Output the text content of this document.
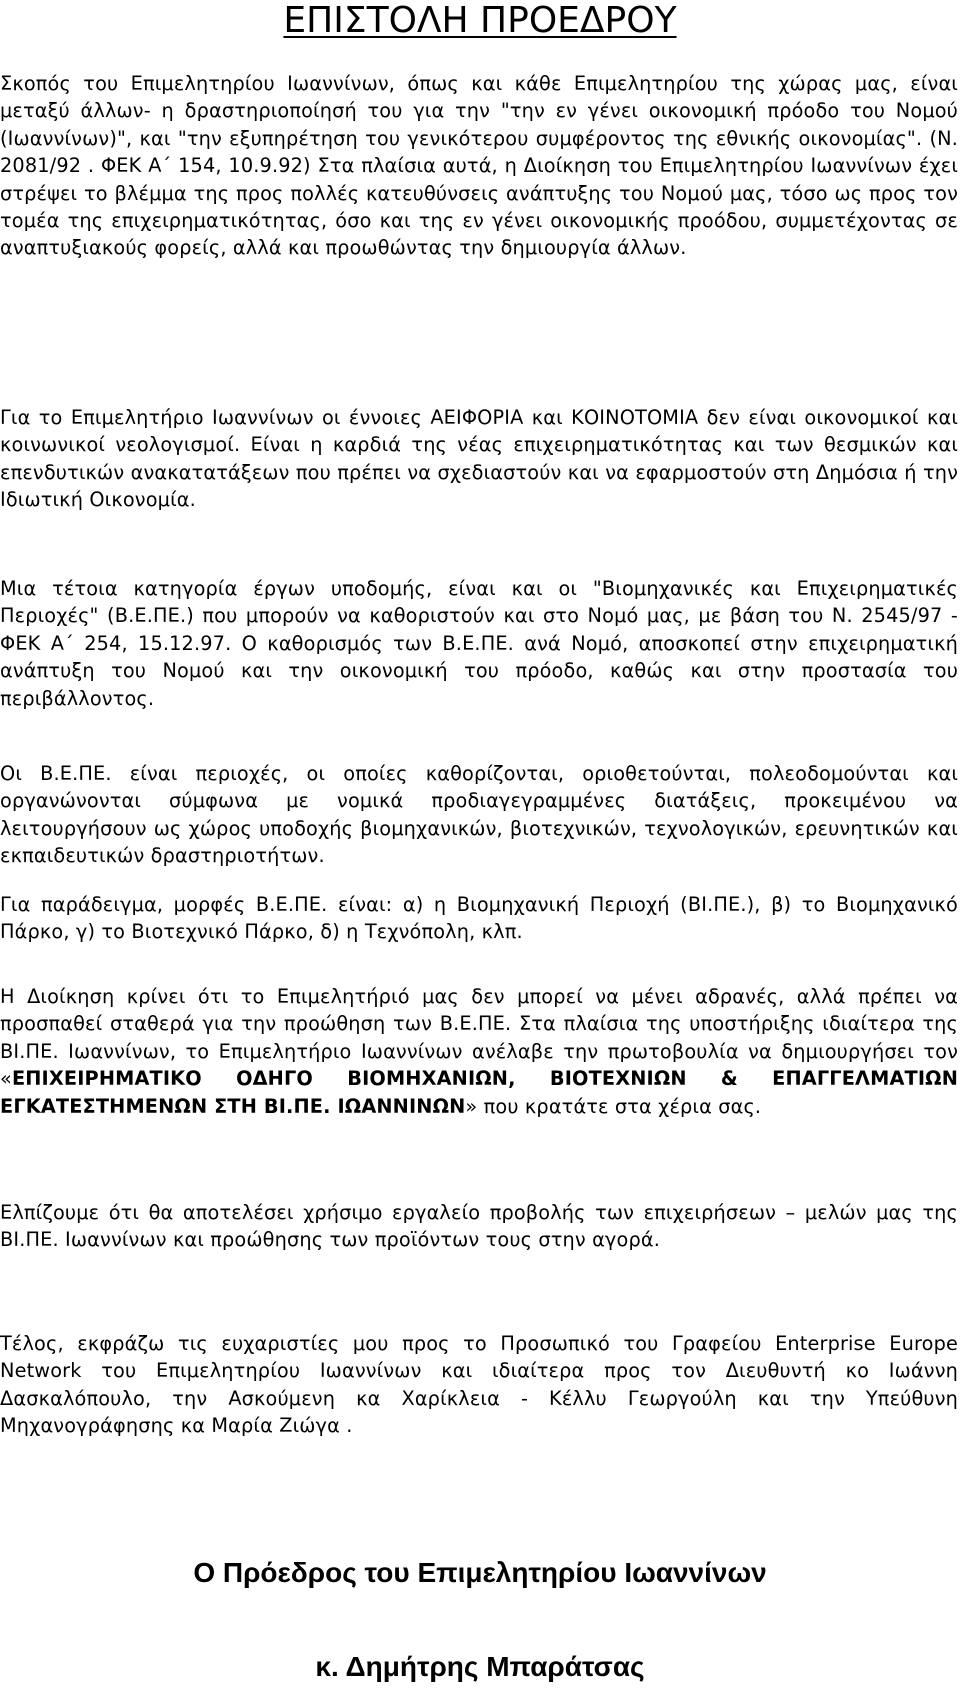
ΕΠΙΣΤΟΛΗ ΠΡΟΕΔΡΟΥ

Σκοπός του Επιμελητηρίου Ιωαννίνων, όπως και κάθε Επιμελητηρίου της χώρας μας, είναι μεταξύ άλλων- η δραστηριοποίησή του για την "την εν γένει οικονομική πρόοδο του Νομού (Ιωαννίνων)", και "την εξυπηρέτηση του γενικότερου συμφέροντος της εθνικής οικονομίας". (Ν. 2081/92 . ΦΕΚ Α΄ 154, 10.9.92) Στα πλαίσια αυτά, η Διοίκηση του Επιμελητηρίου Ιωαννίνων έχει στρέψει το βλέμμα της προς πολλές κατευθύνσεις ανάπτυξης του Νομού μας, τόσο ως προς τον τομέα της επιχειρηματικότητας, όσο και της εν γένει οικονομικής προόδου, συμμετέχοντας σε αναπτυξιακούς φορείς, αλλά και προωθώντας την δημιουργία άλλων.

Για το Επιμελητήριο Ιωαννίνων οι έννοιες ΑΕΙΦΟΡΙΑ και ΚΟΙΝΟΤΟΜΙΑ δεν είναι οικονομικοί και κοινωνικοί νεολογισμοί. Είναι η καρδιά της νέας επιχειρηματικότητας και των θεσμικών και επενδυτικών ανακατατάξεων που πρέπει να σχεδιαστούν και να εφαρμοστούν στη Δημόσια ή την Ιδιωτική Οικονομία.

Μια τέτοια κατηγορία έργων υποδομής, είναι και οι "Βιομηχανικές και Επιχειρηματικές Περιοχές" (Β.Ε.ΠΕ.) που μπορούν να καθοριστούν και στο Νομό μας, με βάση του Ν. 2545/97 - ΦΕΚ Α΄ 254, 15.12.97. Ο καθορισμός των Β.Ε.ΠΕ. ανά Νομό, αποσκοπεί στην επιχειρηματική ανάπτυξη του Νομού και την οικονομική του πρόοδο, καθώς και στην προστασία του περιβάλλοντος.

Οι Β.Ε.ΠΕ. είναι περιοχές, οι οποίες καθορίζονται, οριοθετούνται, πολεοδομούνται και οργανώνονται σύμφωνα με νομικά προδιαγεγραμμένες διατάξεις, προκειμένου να λειτουργήσουν ως χώρος υποδοχής βιομηχανικών, βιοτεχνικών, τεχνολογικών, ερευνητικών και εκπαιδευτικών δραστηριοτήτων.

Για παράδειγμα, μορφές Β.Ε.ΠΕ. είναι: α) η Βιομηχανική Περιοχή (ΒΙ.ΠΕ.), β) το Βιομηχανικό Πάρκο, γ) το Βιοτεχνικό Πάρκο, δ) η Τεχνόπολη, κλπ.

Η Διοίκηση κρίνει ότι το Επιμελητήριό μας δεν μπορεί να μένει αδρανές, αλλά πρέπει να προσπαθεί σταθερά για την προώθηση των Β.Ε.ΠΕ. Στα πλαίσια της υποστήριξης ιδιαίτερα της ΒΙ.ΠΕ. Ιωαννίνων, το Επιμελητήριο Ιωαννίνων ανέλαβε την πρωτοβουλία να δημιουργήσει τον «ΕΠΙΧΕΙΡΗΜΑΤΙΚΟ ΟΔΗΓΟ ΒΙΟΜΗΧΑΝΙΩΝ, ΒΙΟΤΕΧΝΙΩΝ & ΕΠΑΓΓΕΛΜΑΤΙΩΝ ΕΓΚΑΤΕΣΤΗΜΕΝΩΝ ΣΤΗ ΒΙ.ΠΕ. ΙΩΑΝΝΙΝΩΝ» που κρατάτε στα χέρια σας.

Ελπίζουμε ότι θα αποτελέσει χρήσιμο εργαλείο προβολής των επιχειρήσεων – μελών μας της ΒΙ.ΠΕ. Ιωαννίνων και προώθησης των προϊόντων τους στην αγορά.

Τέλος, εκφράζω τις ευχαριστίες μου προς το Προσωπικό του Γραφείου Enterprise Europe Network του Επιμελητηρίου Ιωαννίνων και ιδιαίτερα προς τον Διευθυντή κο Ιωάννη Δασκαλόπουλο, την Ασκούμενη κα Χαρίκλεια - Κέλλυ Γεωργούλη και την Υπεύθυνη Μηχανογράφησης κα Μαρία Ζιώγα .

Ο Πρόεδρος του Επιμελητηρίου Ιωαννίνων

κ. Δημήτρης Μπαράτσας
